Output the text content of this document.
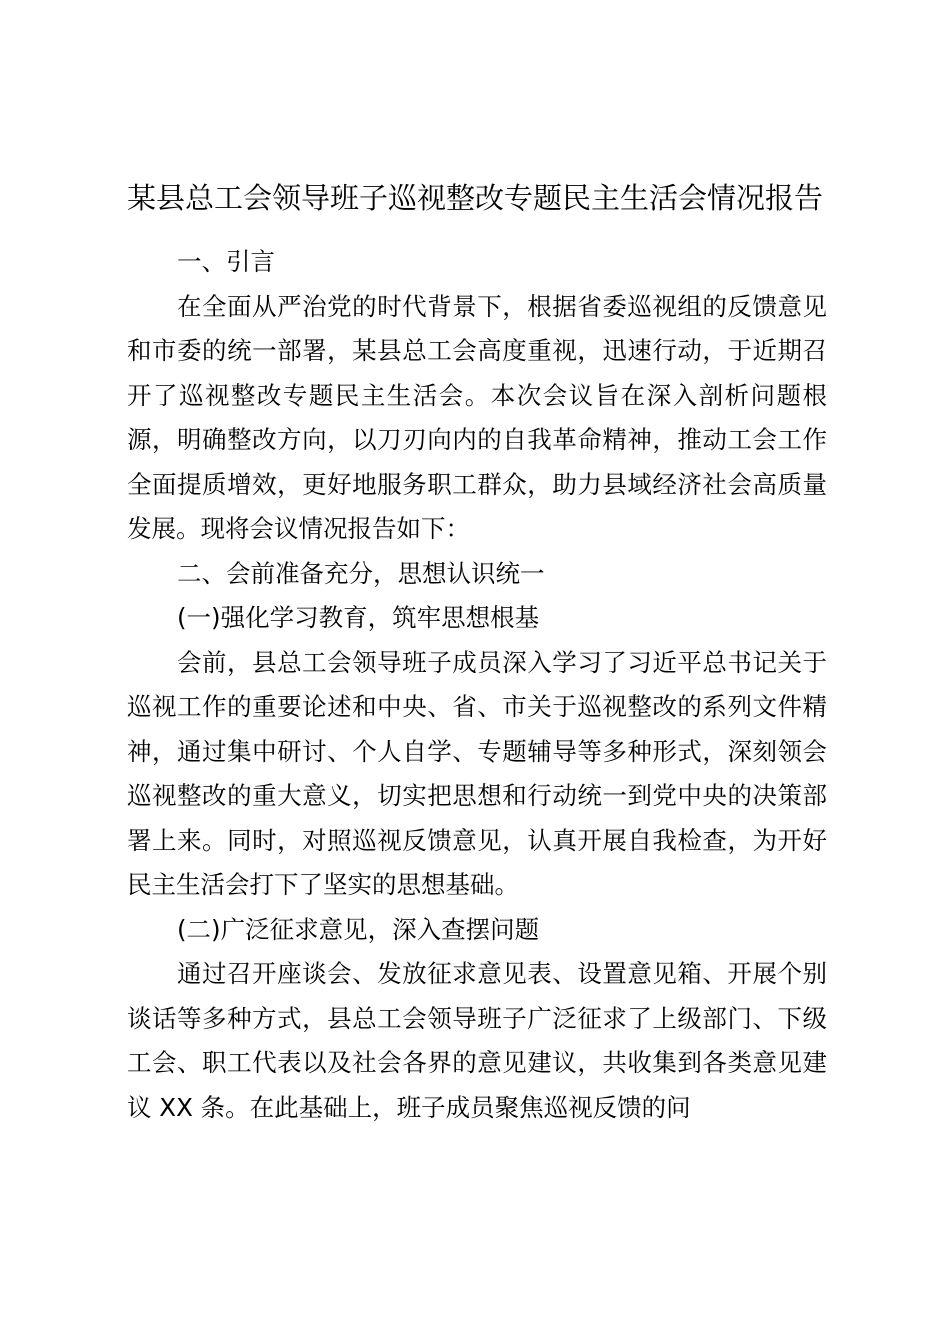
某县总工会领导班子巡视整改专题民主生活会情况报告

一、引言

在全面从严治党的时代背景下，根据省委巡视组的反馈意见和市委的统一部署，某县总工会高度重视，迅速行动，于近期召开了巡视整改专题民主生活会。本次会议旨在深入剖析问题根源，明确整改方向，以刀刃向内的自我革命精神，推动工会工作全面提质增效，更好地服务职工群众，助力县域经济社会高质量发展。现将会议情况报告如下：

二、会前准备充分，思想认识统一

(一)强化学习教育，筑牢思想根基

会前，县总工会领导班子成员深入学习了习近平总书记关于巡视工作的重要论述和中央、省、市关于巡视整改的系列文件精神，通过集中研讨、个人自学、专题辅导等多种形式，深刻领会巡视整改的重大意义，切实把思想和行动统一到党中央的决策部署上来。同时，对照巡视反馈意见，认真开展自我检查，为开好民主生活会打下了坚实的思想基础。

(二)广泛征求意见，深入查摆问题

通过召开座谈会、发放征求意见表、设置意见箱、开展个别谈话等多种方式，县总工会领导班子广泛征求了上级部门、下级工会、职工代表以及社会各界的意见建议，共收集到各类意见建议 XX 条。在此基础上，班子成员聚焦巡视反馈的问
